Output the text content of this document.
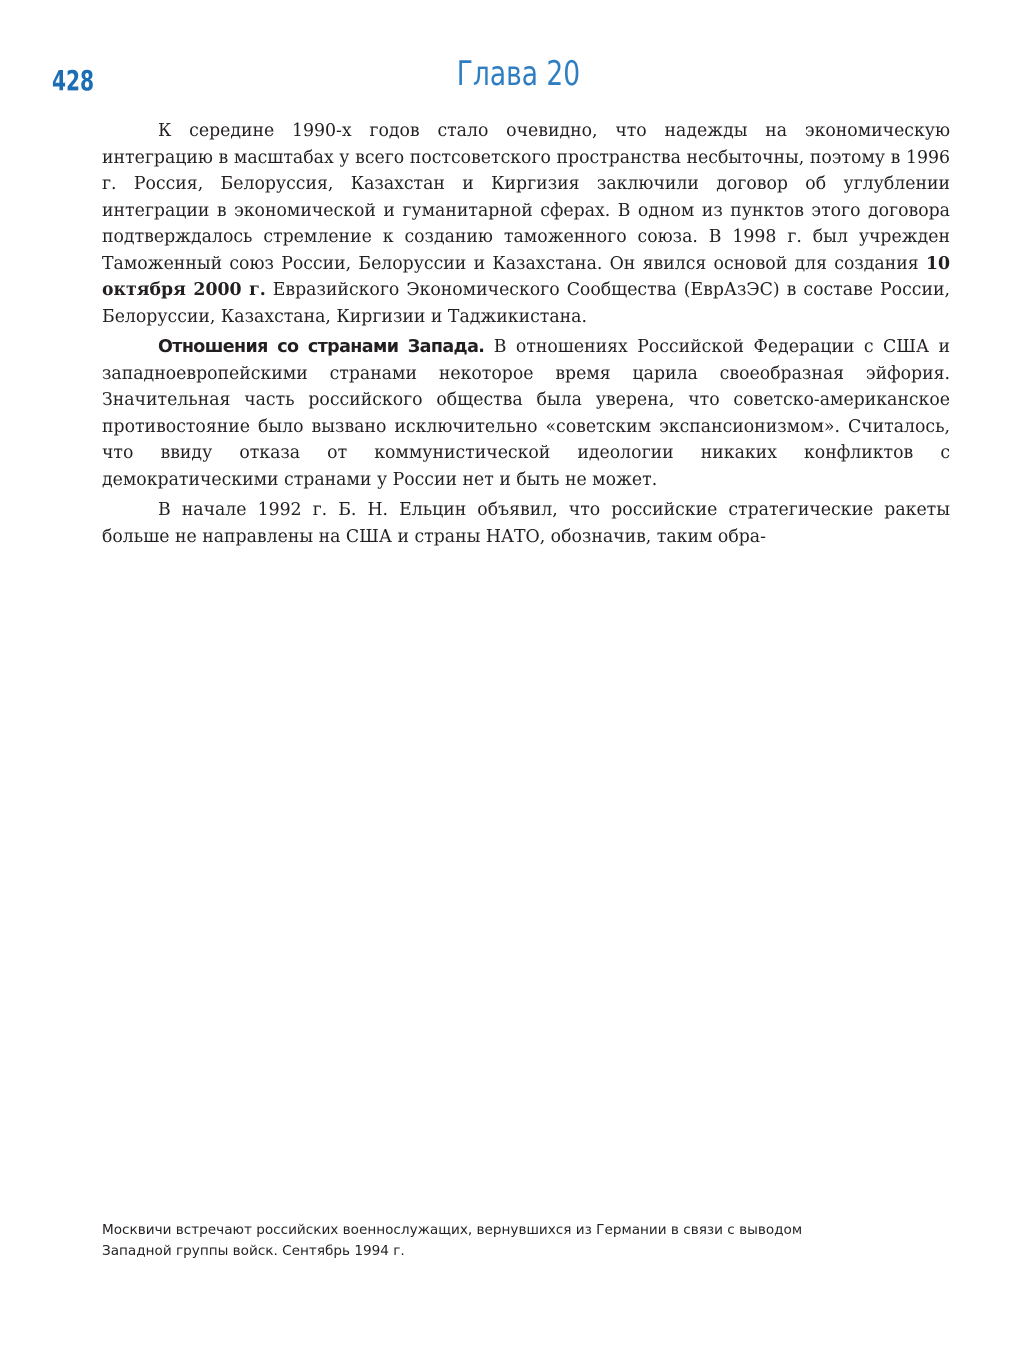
428	Глава 20

К середине 1990-х годов стало очевидно, что надежды на экономическую интеграцию в масштабах у всего постсоветского пространства несбыточны, поэтому в 1996 г. Россия, Белоруссия, Казахстан и Киргизия заключили договор об углублении интеграции в экономической и гуманитарной сферах. В одном из пунктов этого договора подтверждалось стремление к созданию таможенного союза. В 1998 г. был учрежден Таможенный союз России, Белоруссии и Казахстана. Он явился основой для создания 10 октября 2000 г. Евразийского Экономического Сообщества (ЕврАзЭС) в составе России, Белоруссии, Казахстана, Киргизии и Таджикистана.

Отношения со странами Запада. В отношениях Российской Федерации с США и западноевропейскими странами некоторое время царила своеобразная эйфория. Значительная часть российского общества была уверена, что советско-американское противостояние было вызвано исключительно «советским экспансионизмом». Считалось, что ввиду отказа от коммунистической идеологии никаких конфликтов с демократическими странами у России нет и быть не может.

В начале 1992 г. Б. Н. Ельцин объявил, что российские стратегические ракеты больше не направлены на США и страны НАТО, обозначив, таким обра-

Москвичи встречают российских военнослужащих, вернувшихся из Германии в связи с выводом
Западной группы войск. Сентябрь 1994 г.
